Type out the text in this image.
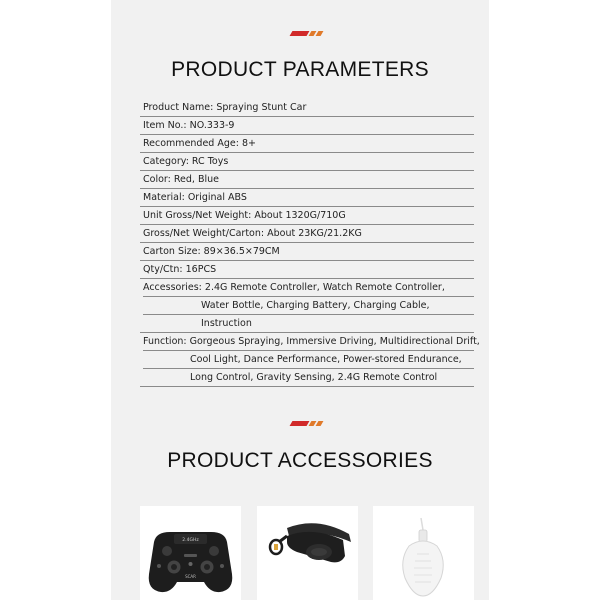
PRODUCT PARAMETERS
Product Name: Spraying Stunt Car
Item No.: NO.333-9
Recommended Age: 8+
Category: RC Toys
Color: Red, Blue
Material: Original ABS
Unit Gross/Net Weight: About 1320G/710G
Gross/Net Weight/Carton: About 23KG/21.2KG
Carton Size: 89×36.5×79CM
Qty/Ctn: 16PCS
Accessories: 2.4G Remote Controller, Watch Remote Controller,
Water Bottle, Charging Battery, Charging Cable,
Instruction
Function: Gorgeous Spraying, Immersive Driving, Multidirectional Drift,
Cool Light, Dance Performance, Power-stored Endurance,
Long Control, Gravity Sensing, 2.4G Remote Control
PRODUCT ACCESSORIES
2.4GHz
SCAR
